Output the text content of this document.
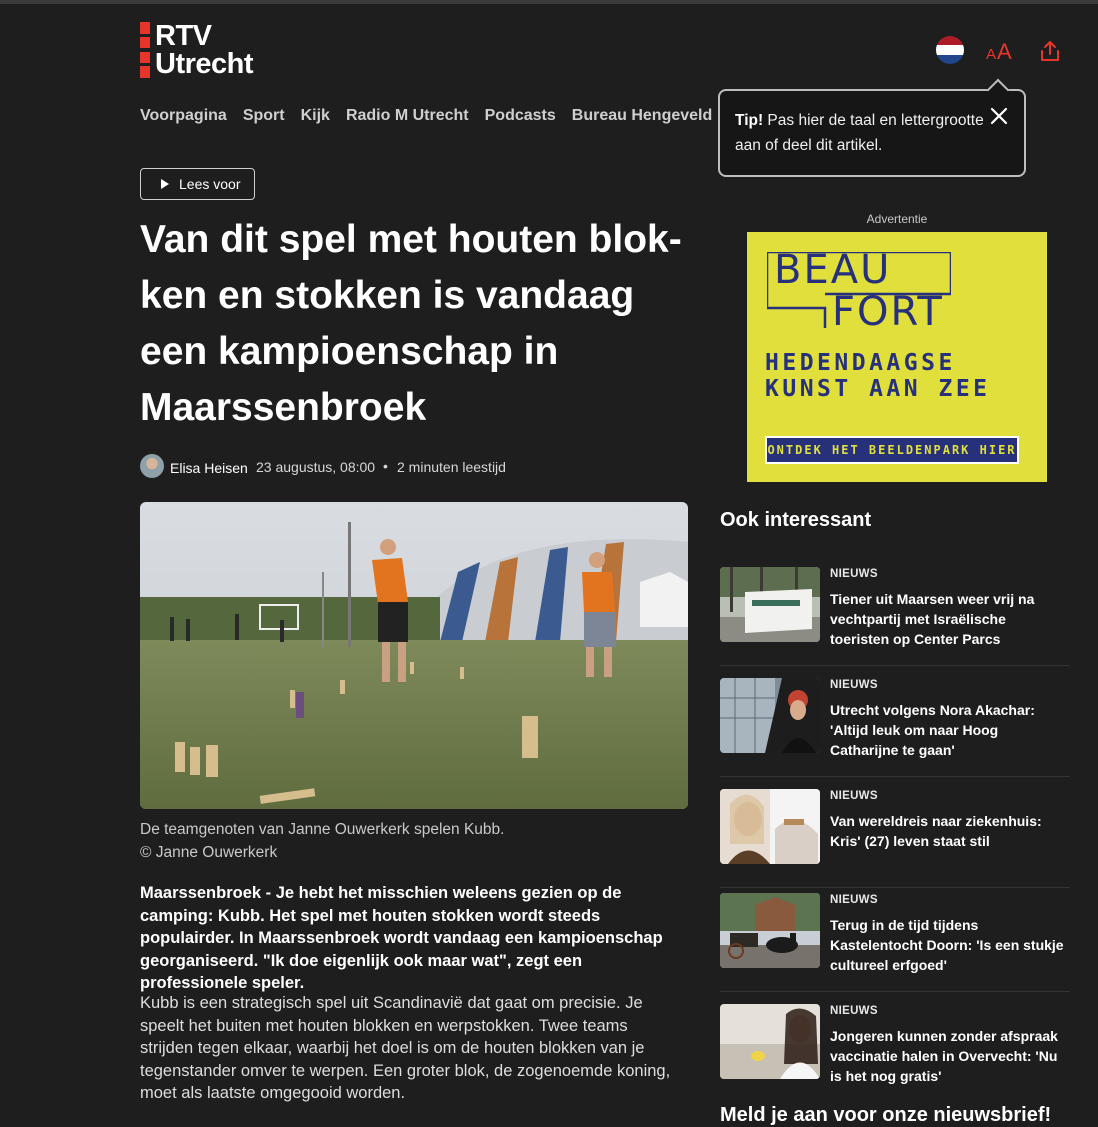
RTV
Utrecht	A A
Voorpagina Sport Kijk Radio M Utrecht Podcasts Bureau Hengeveld	Tip! Pas hier de taal en lettergrootte aan of deel dit artikel.
Lees voor
Van dit spel met houten blokken en stokken is vandaag een kampioenschap in Maarssenbroek
Elisa Heisen 23 augustus, 08:00 • 2 minuten leestijd
De teamgenoten van Janne Ouwerkerk spelen Kubb.
© Janne Ouwerkerk

Maarssenbroek - Je hebt het misschien weleens gezien op de camping: Kubb. Het spel met houten stokken wordt steeds populairder. In Maarssenbroek wordt vandaag een kampioenschap georganiseerd. "Ik doe eigenlijk ook maar wat", zegt een professionele speler.

Kubb is een strategisch spel uit Scandinavië dat gaat om precisie. Je speelt het buiten met houten blokken en werpstokken. Twee teams strijden tegen elkaar, waarbij het doel is om de houten blokken van je tegenstander omver te werpen. Een groter blok, de zogenoemde koning, moet als laatste omgegooid worden.

Advertentie
BEAU
FORT
HEDENDAAGSE
KUNST AAN ZEE
ONTDEK HET BEELDENPARK HIER
Ook interessant
NIEUWS
Tiener uit Maarsen weer vrij na vechtpartij met Israëlische toeristen op Center Parcs
NIEUWS
Utrecht volgens Nora Akachar: 'Altijd leuk om naar Hoog Catharijne te gaan'
NIEUWS
Van wereldreis naar ziekenhuis: Kris' (27) leven staat stil
NIEUWS
Terug in de tijd tijdens Kastelentocht Doorn: 'Is een stukje cultureel erfgoed'
NIEUWS
Jongeren kunnen zonder afspraak vaccinatie halen in Overvecht: 'Nu is het nog gratis'
Meld je aan voor onze nieuwsbrief!
